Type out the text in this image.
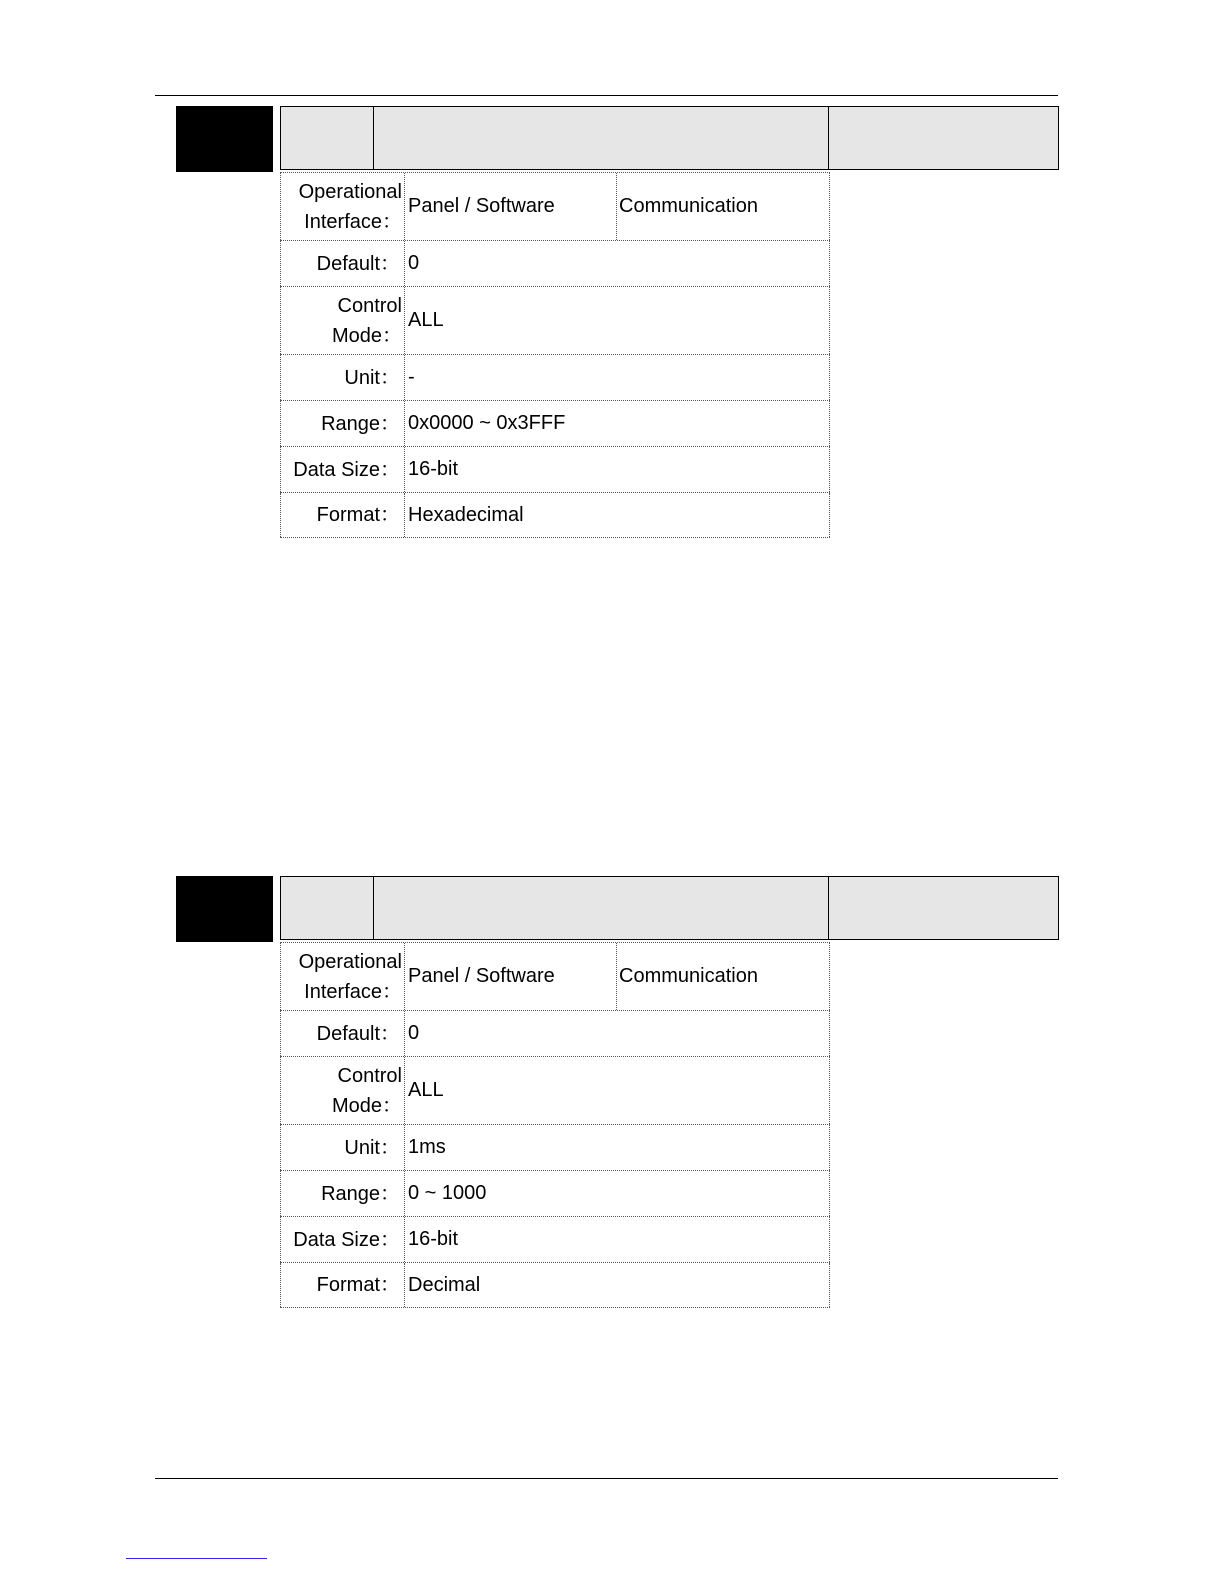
Operational
Interface：
Panel / Software	Communication
Default： 0
Control
Mode：
ALL
Unit： -
Range： 0x0000 ~ 0x3FFF
Data Size： 16-bit
Format： Hexadecimal
Operational
Interface：
Panel / Software	Communication
Default： 0
Control
Mode：
ALL
Unit： 1ms
Range： 0 ~ 1000
Data Size： 16-bit
Format： Decimal
